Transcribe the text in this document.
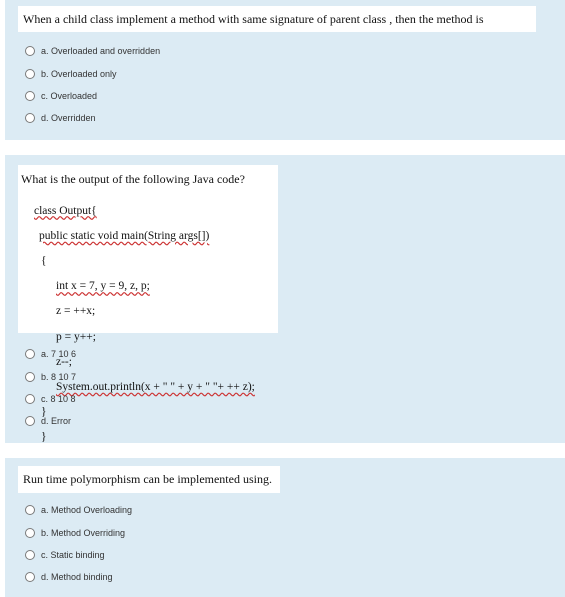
When a child class implement a method with same signature of parent class , then the method is
a. Overloaded and overridden
b. Overloaded only
c. Overloaded
d. Overridden
What is the output of the following Java code?

class Output{

public static void main(String args[])

{

int x = 7, y = 9, z, p;

z = ++x;

p = y++;

z--;

System.out.println(x + " " + y + " "+ ++ z);

}

}

a. 7 10 6
b. 8 10 7
c. 8 10 8
d. Error
Run time polymorphism can be implemented using.
a. Method Overloading
b. Method Overriding
c. Static binding
d. Method binding
